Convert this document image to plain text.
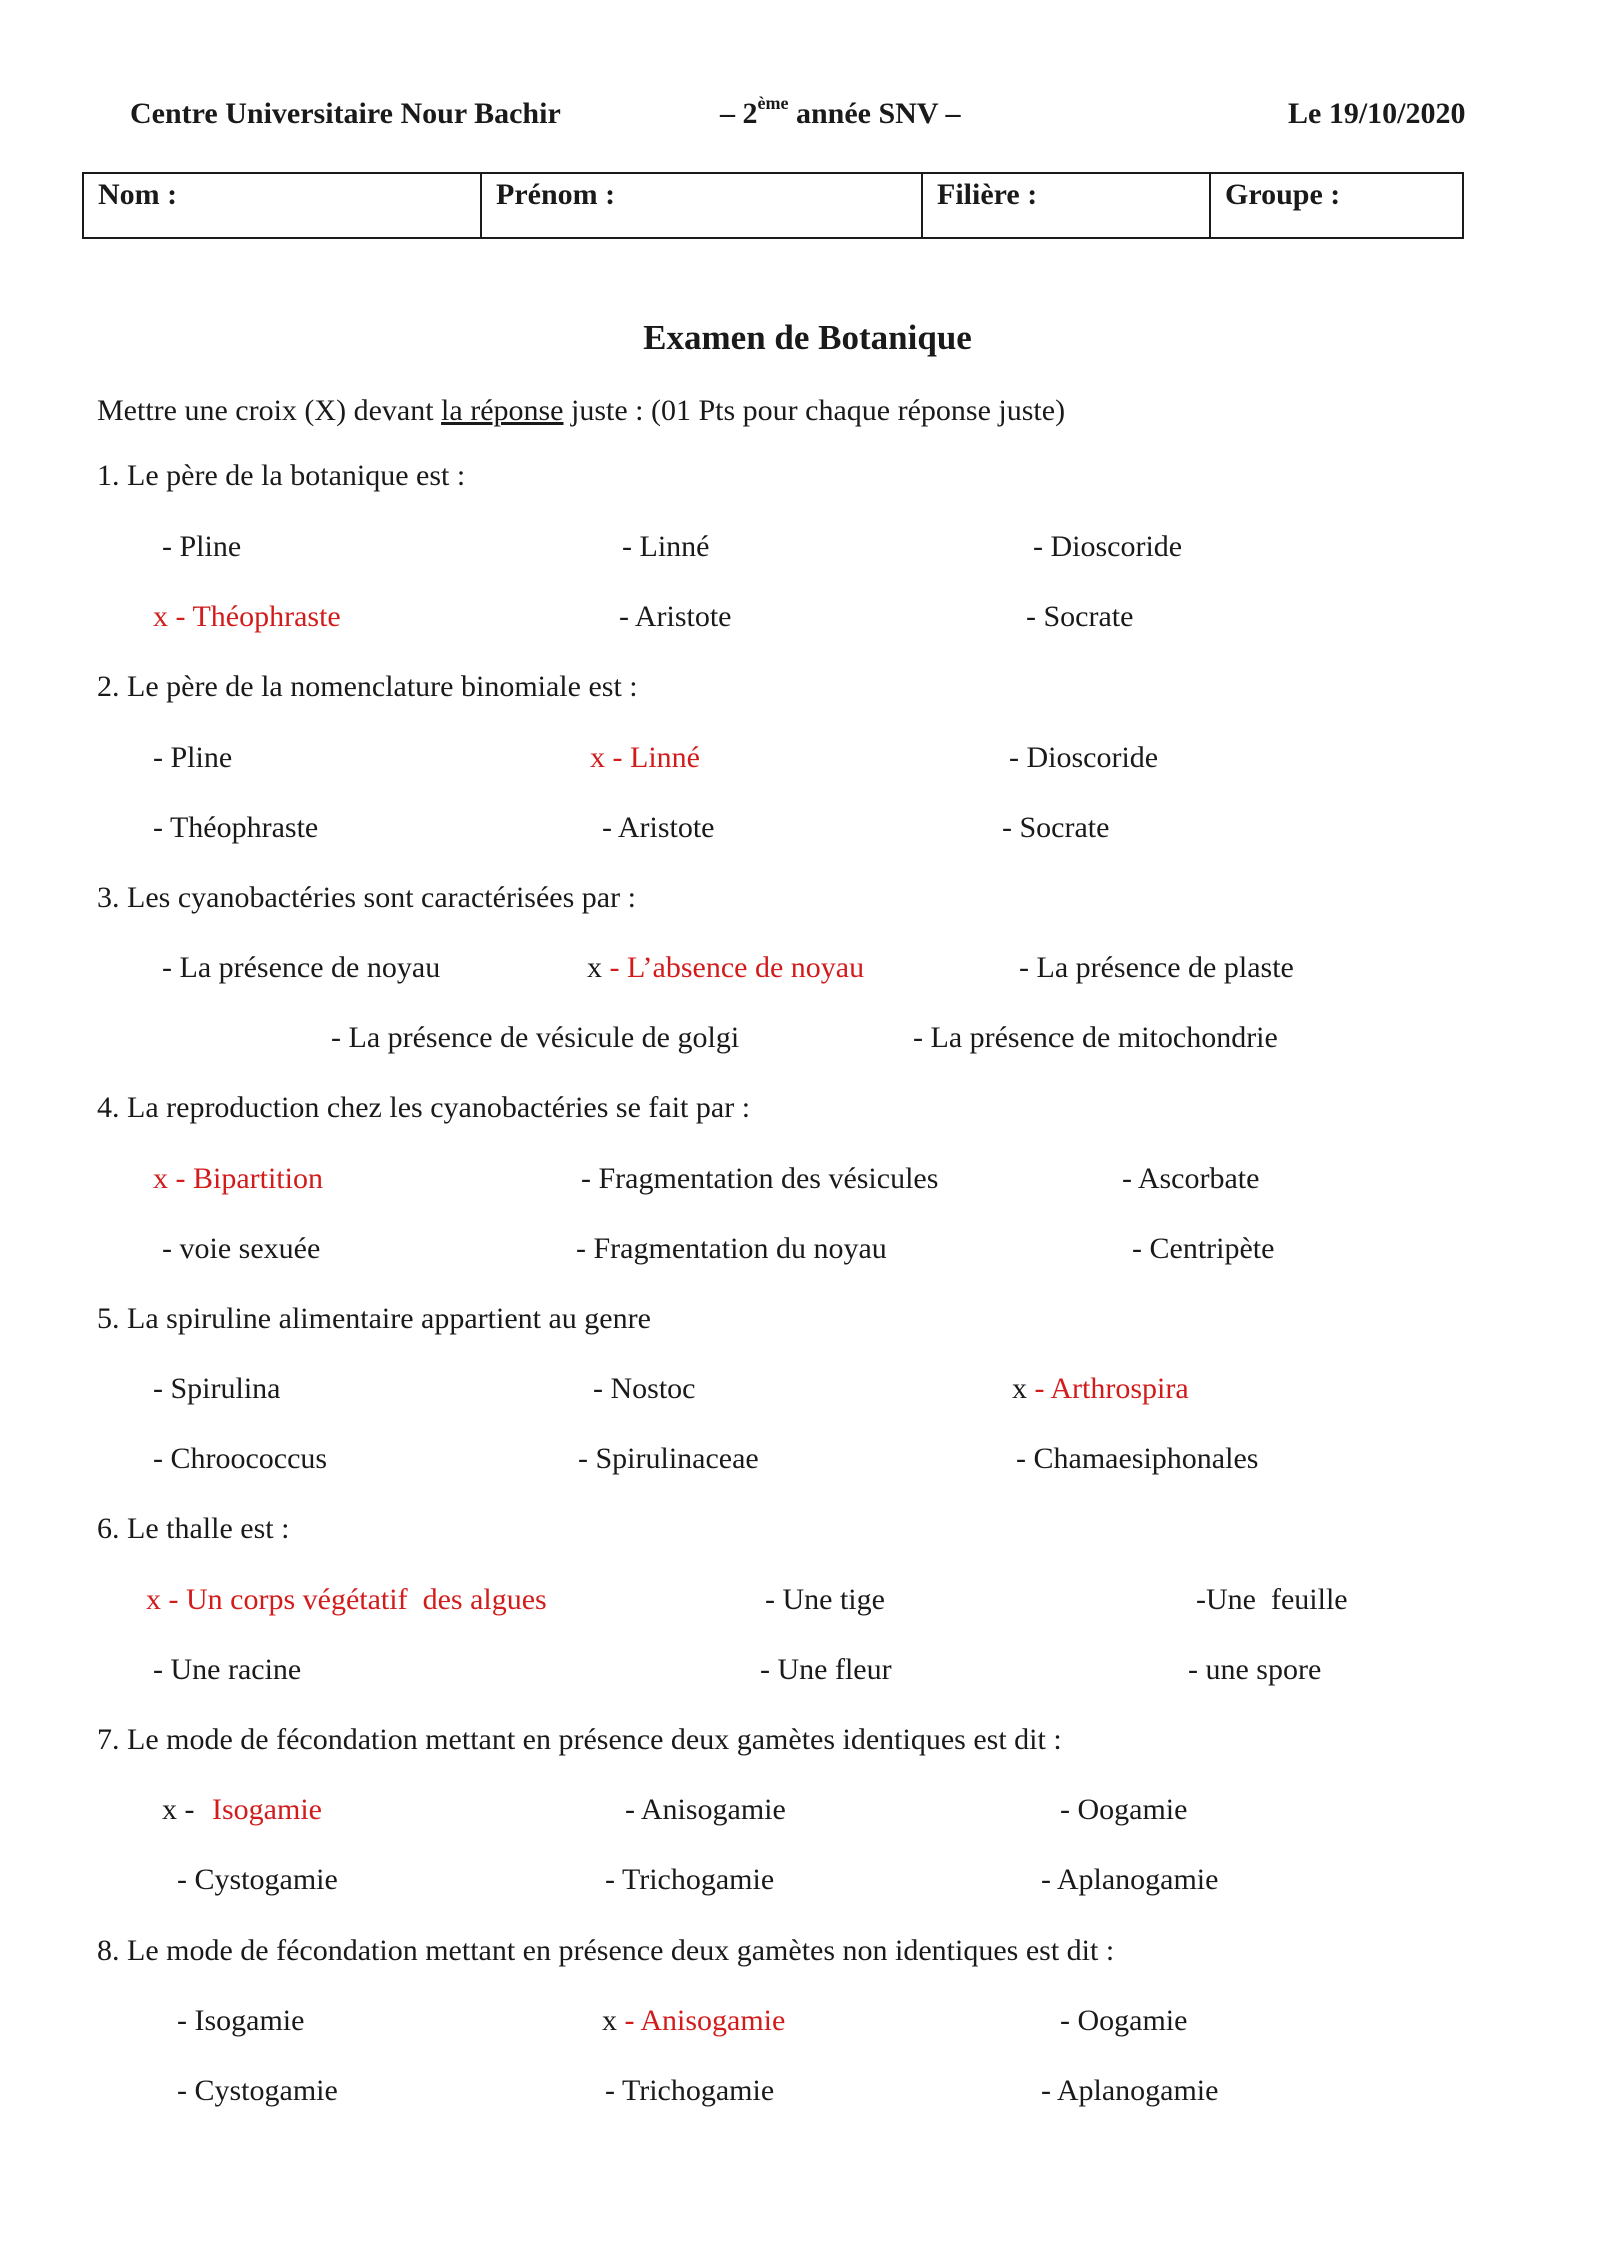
Centre Universitaire Nour Bachir	– 2ème année SNV –	Le 19/10/2020
Nom :	Prénom :	Filière :	Groupe :
Examen de Botanique
Mettre une croix (X) devant la réponse juste : (01 Pts pour chaque réponse juste)
1. Le père de la botanique est :
- Pline	- Linné	- Dioscoride
x - Théophraste	- Aristote	- Socrate
2. Le père de la nomenclature binomiale est :
- Pline	x - Linné	- Dioscoride
- Théophraste	- Aristote	- Socrate
3. Les cyanobactéries sont caractérisées par :
- La présence de noyau	x - L’absence de noyau	- La présence de plaste
- La présence de vésicule de golgi	- La présence de mitochondrie
4. La reproduction chez les cyanobactéries se fait par :
x - Bipartition	- Fragmentation des vésicules	- Ascorbate
- voie sexuée	- Fragmentation du noyau	- Centripète
5. La spiruline alimentaire appartient au genre
- Spirulina	- Nostoc	x - Arthrospira
- Chroococcus	- Spirulinaceae	- Chamaesiphonales
6. Le thalle est :
x - Un corps végétatif  des algues	- Une tige	-Une  feuille
- Une racine	- Une fleur	- une spore
7. Le mode de fécondation mettant en présence deux gamètes identiques est dit :
x - Isogamie	- Anisogamie	- Oogamie
- Cystogamie	- Trichogamie	- Aplanogamie
8. Le mode de fécondation mettant en présence deux gamètes non identiques est dit :
- Isogamie	x - Anisogamie	- Oogamie
- Cystogamie	- Trichogamie	- Aplanogamie
